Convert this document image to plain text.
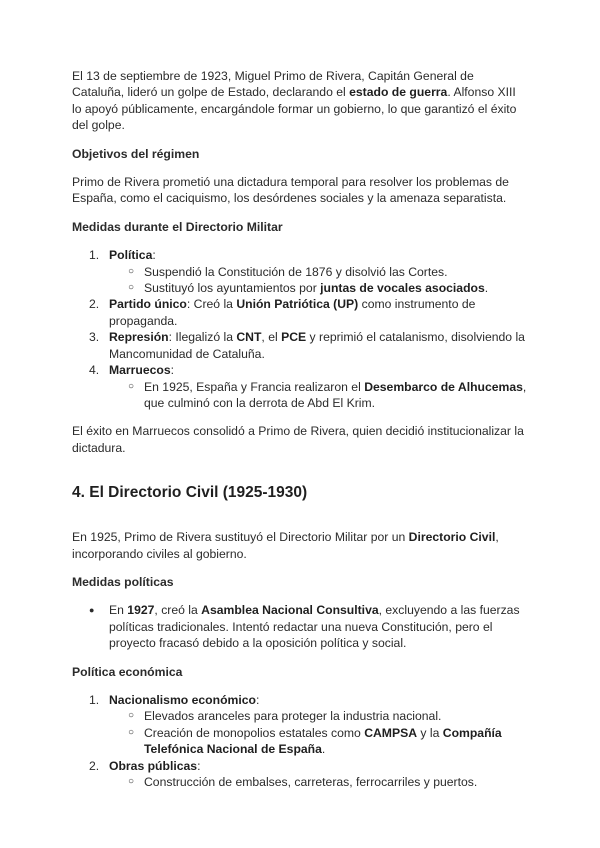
El 13 de septiembre de 1923, Miguel Primo de Rivera, Capitán General de Cataluña, lideró un golpe de Estado, declarando el estado de guerra. Alfonso XIII lo apoyó públicamente, encargándole formar un gobierno, lo que garantizó el éxito del golpe.

Objetivos del régimen

Primo de Rivera prometió una dictadura temporal para resolver los problemas de España, como el caciquismo, los desórdenes sociales y la amenaza separatista.

Medidas durante el Directorio Militar
1. Política:
○ Suspendió la Constitución de 1876 y disolvió las Cortes.
○ Sustituyó los ayuntamientos por juntas de vocales asociados.
2. Partido único: Creó la Unión Patriótica (UP) como instrumento de propaganda.
3. Represión: Ilegalizó la CNT, el PCE y reprimió el catalanismo, disolviendo la Mancomunidad de Cataluña.
4. Marruecos:
○ En 1925, España y Francia realizaron el Desembarco de Alhucemas, que culminó con la derrota de Abd El Krim.

El éxito en Marruecos consolidó a Primo de Rivera, quien decidió institucionalizar la dictadura.

4. El Directorio Civil (1925-1930)

En 1925, Primo de Rivera sustituyó el Directorio Militar por un Directorio Civil, incorporando civiles al gobierno.

Medidas políticas
● En 1927, creó la Asamblea Nacional Consultiva, excluyendo a las fuerzas políticas tradicionales. Intentó redactar una nueva Constitución, pero el proyecto fracasó debido a la oposición política y social.
Política económica
1. Nacionalismo económico:
○ Elevados aranceles para proteger la industria nacional.
○ Creación de monopolios estatales como CAMPSA y la Compañía Telefónica Nacional de España.
2. Obras públicas:
○ Construcción de embalses, carreteras, ferrocarriles y puertos.
